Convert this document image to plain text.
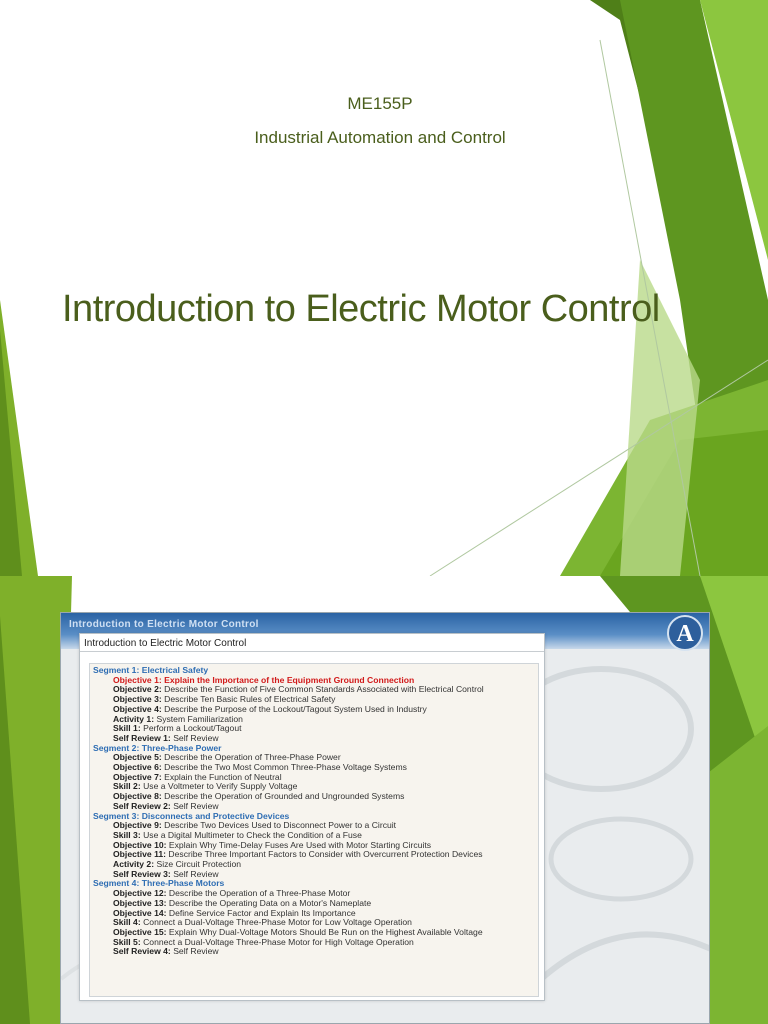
ME155P
Industrial Automation and Control
Introduction to Electric Motor Control
Introduction to Electric Motor Control	A
Introduction to Electric Motor Control
Segment 1: Electrical Safety
Objective 1: Explain the Importance of the Equipment Ground Connection
Objective 2: Describe the Function of Five Common Standards Associated with Electrical Control
Objective 3: Describe Ten Basic Rules of Electrical Safety
Objective 4: Describe the Purpose of the Lockout/Tagout System Used in Industry
Activity 1: System Familiarization
Skill 1: Perform a Lockout/Tagout
Self Review 1: Self Review
Segment 2: Three-Phase Power
Objective 5: Describe the Operation of Three-Phase Power
Objective 6: Describe the Two Most Common Three-Phase Voltage Systems
Objective 7: Explain the Function of Neutral
Skill 2: Use a Voltmeter to Verify Supply Voltage
Objective 8: Describe the Operation of Grounded and Ungrounded Systems
Self Review 2: Self Review
Segment 3: Disconnects and Protective Devices
Objective 9: Describe Two Devices Used to Disconnect Power to a Circuit
Skill 3: Use a Digital Multimeter to Check the Condition of a Fuse
Objective 10: Explain Why Time-Delay Fuses Are Used with Motor Starting Circuits
Objective 11: Describe Three Important Factors to Consider with Overcurrent Protection Devices
Activity 2: Size Circuit Protection
Self Review 3: Self Review
Segment 4: Three-Phase Motors
Objective 12: Describe the Operation of a Three-Phase Motor
Objective 13: Describe the Operating Data on a Motor's Nameplate
Objective 14: Define Service Factor and Explain Its Importance
Skill 4: Connect a Dual-Voltage Three-Phase Motor for Low Voltage Operation
Objective 15: Explain Why Dual-Voltage Motors Should Be Run on the Highest Available Voltage
Skill 5: Connect a Dual-Voltage Three-Phase Motor for High Voltage Operation
Self Review 4: Self Review
